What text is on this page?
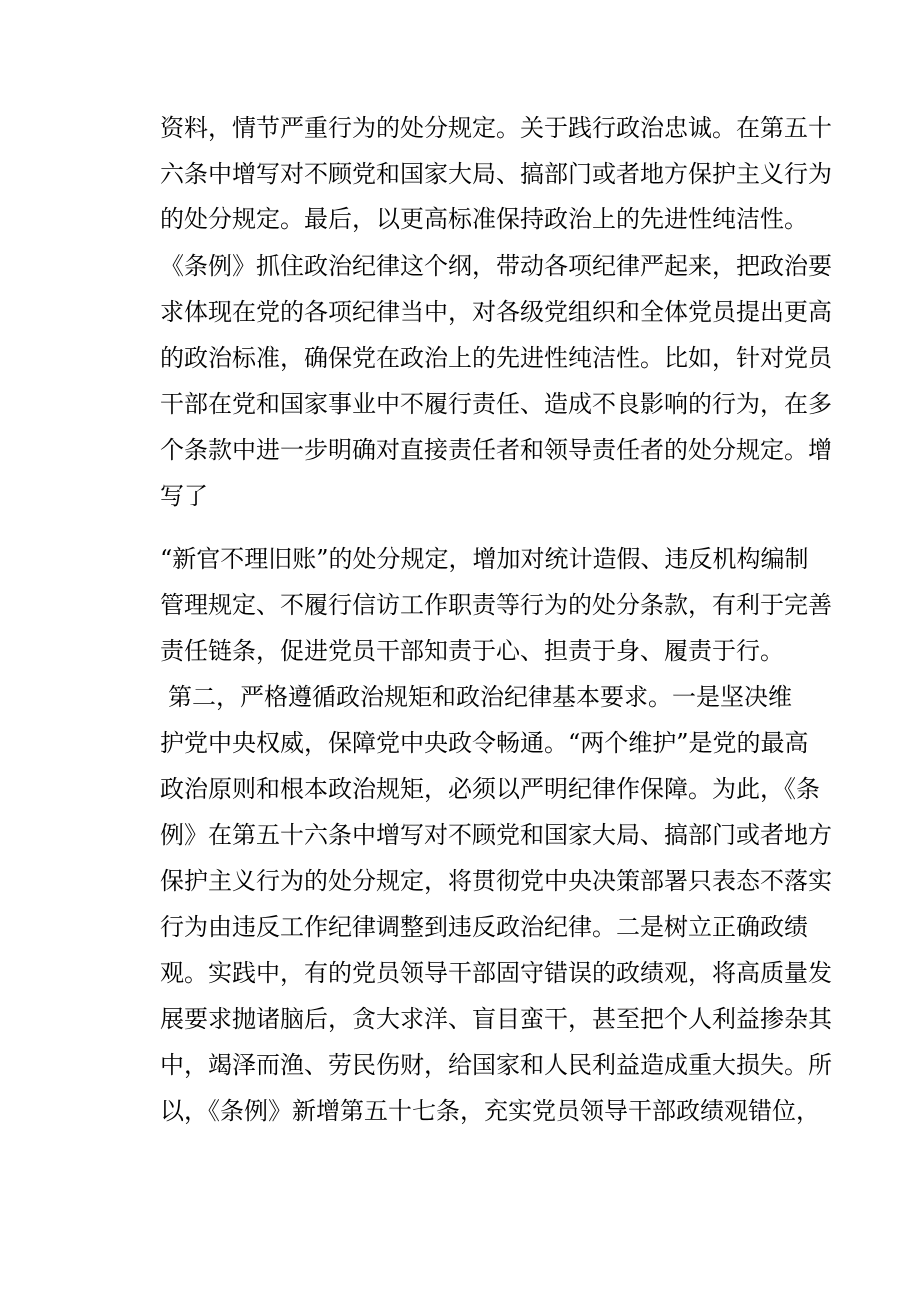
资料，情节严重行为的处分规定。关于践行政治忠诚。在第五十
六条中增写对不顾党和国家大局、搞部门或者地方保护主义行为
的处分规定。最后，以更高标准保持政治上的先进性纯洁性。
《条例》抓住政治纪律这个纲，带动各项纪律严起来，把政治要
求体现在党的各项纪律当中，对各级党组织和全体党员提出更高
的政治标准，确保党在政治上的先进性纯洁性。比如，针对党员
干部在党和国家事业中不履行责任、造成不良影响的行为，在多
个条款中进一步明确对直接责任者和领导责任者的处分规定。增
写了
“新官不理旧账”的处分规定，增加对统计造假、违反机构编制
管理规定、不履行信访工作职责等行为的处分条款，有利于完善
责任链条，促进党员干部知责于心、担责于身、履责于行。
第二，严格遵循政治规矩和政治纪律基本要求。一是坚决维
护党中央权威，保障党中央政令畅通。“两个维护”是党的最高
政治原则和根本政治规矩，必须以严明纪律作保障。为此，《条
例》在第五十六条中增写对不顾党和国家大局、搞部门或者地方
保护主义行为的处分规定，将贯彻党中央决策部署只表态不落实
行为由违反工作纪律调整到违反政治纪律。二是树立正确政绩
观。实践中，有的党员领导干部固守错误的政绩观，将高质量发
展要求抛诸脑后，贪大求洋、盲目蛮干，甚至把个人利益掺杂其
中，竭泽而渔、劳民伤财，给国家和人民利益造成重大损失。所
以，《条例》新增第五十七条，充实党员领导干部政绩观错位，
